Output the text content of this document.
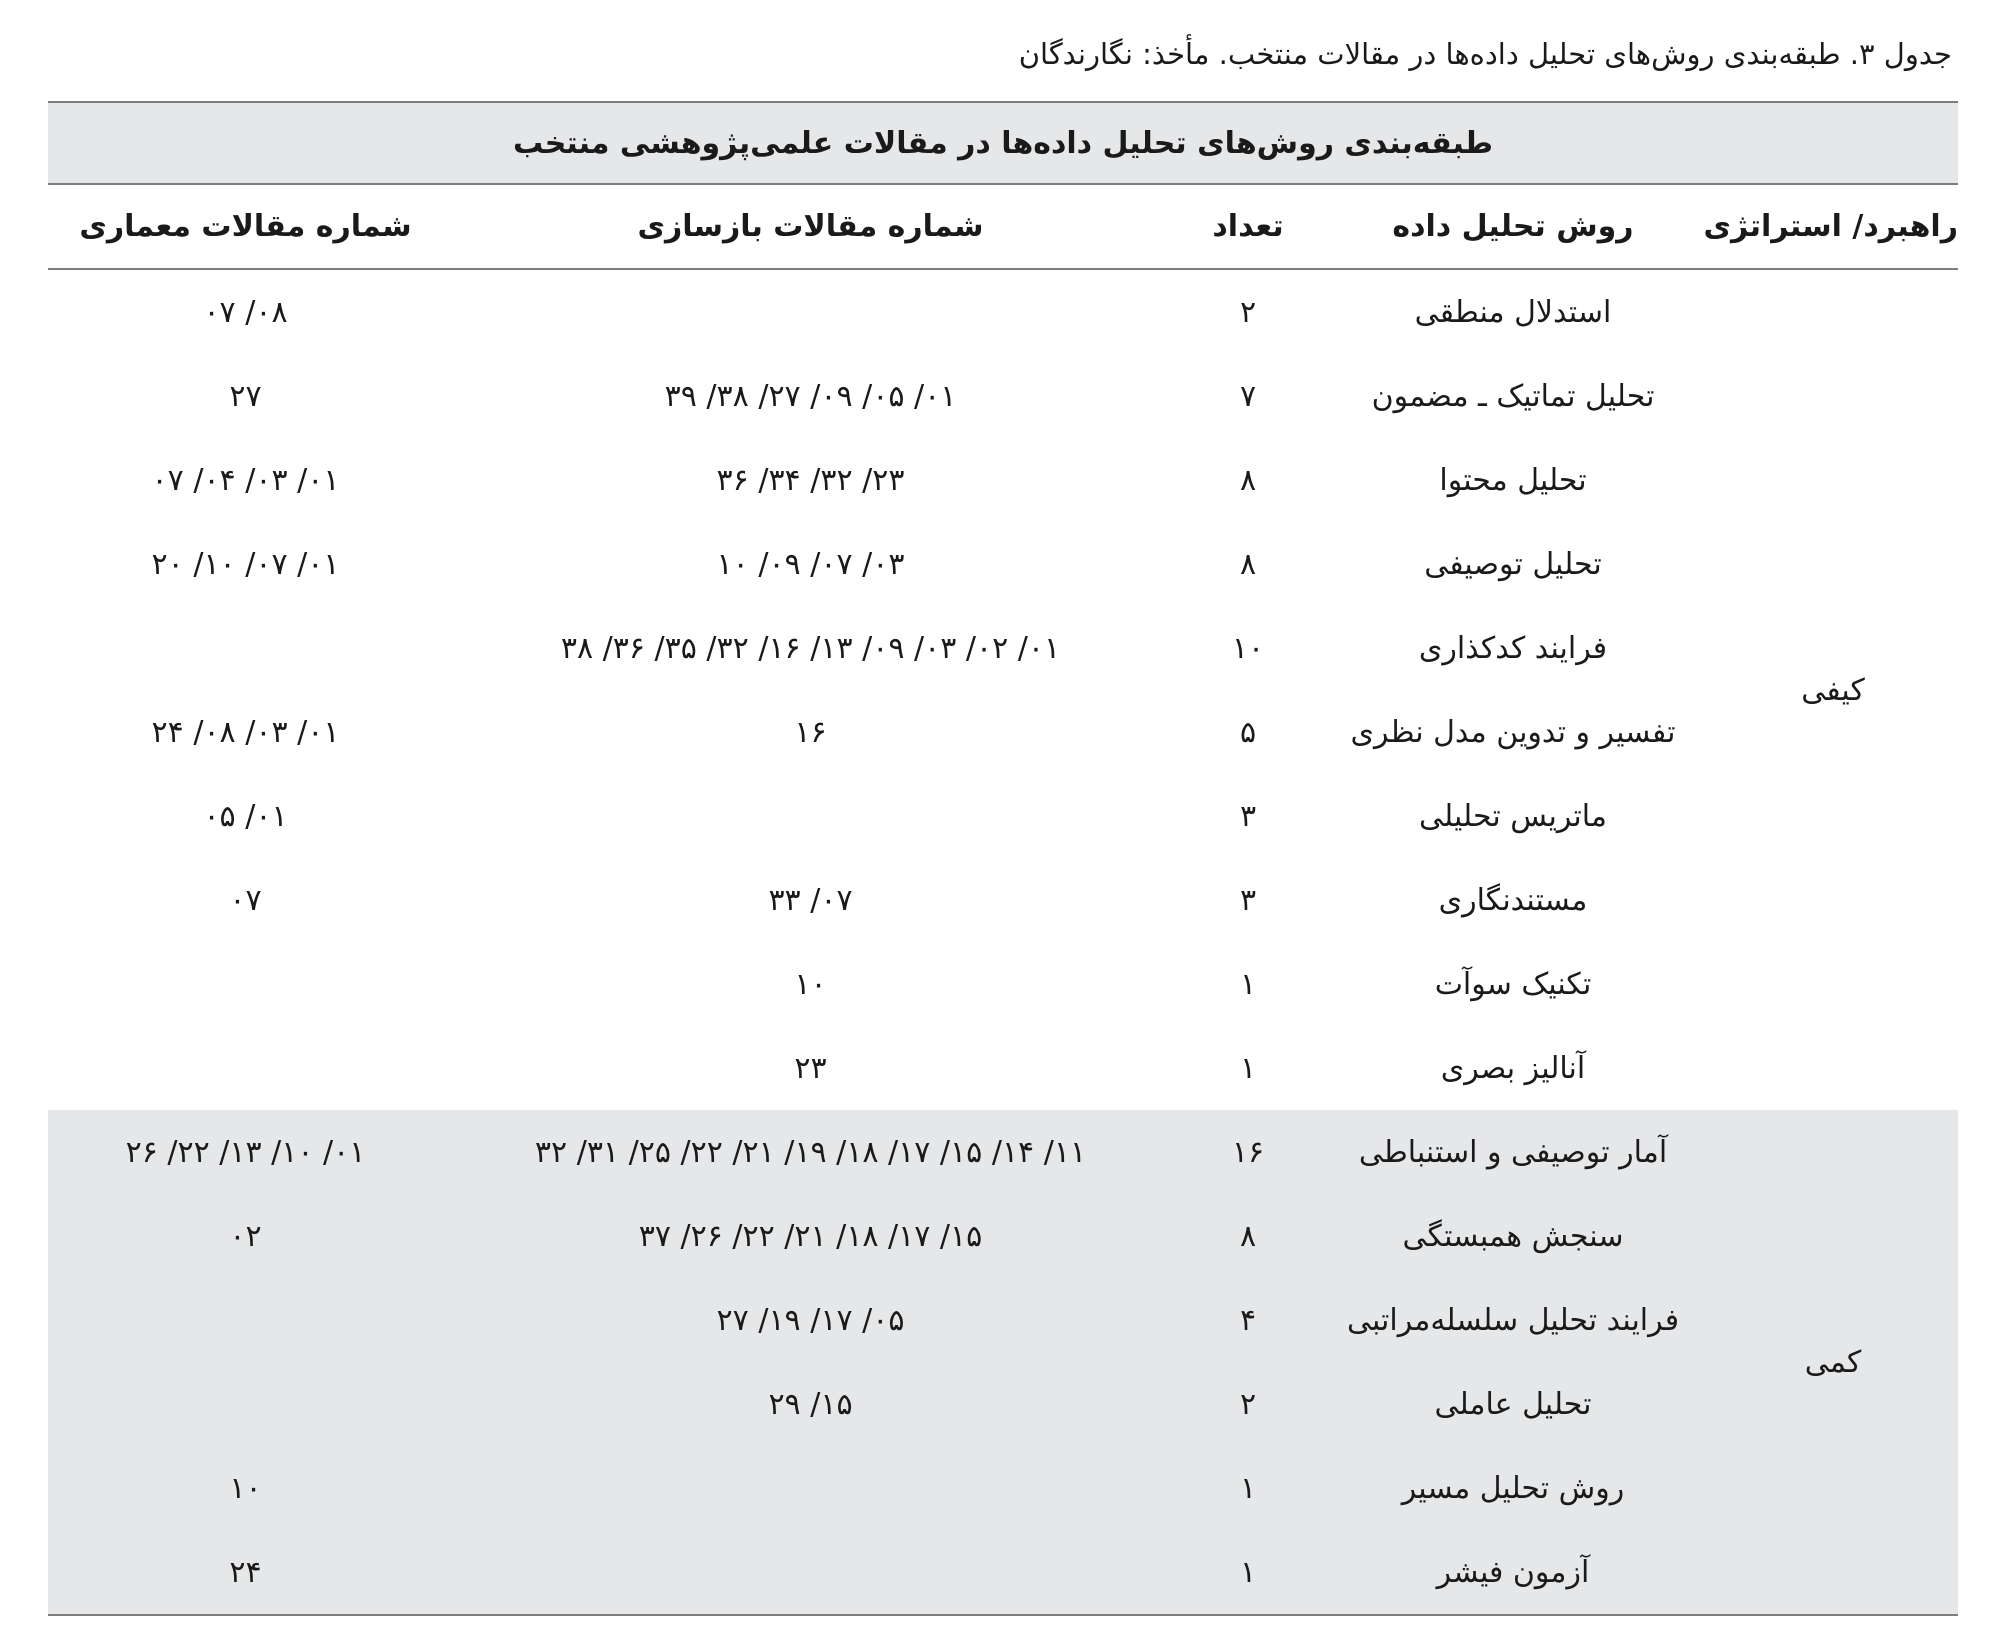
جدول ۳. طبقه‌بندی روش‌های تحلیل داده‌ها در مقالات منتخب. مأخذ: نگارندگان
طبقه‌بندی روش‌های تحلیل داده‌ها در مقالات علمی‌پژوهشی منتخب
راهبرد/ استراتژی
روش تحلیل داده
تعداد
شماره مقالات بازسازی
شماره مقالات معماری
کیفی
استدلال منطقی
۲
۰۸/ ۰۷
تحلیل تماتیک ـ مضمون
۷
۰۱/ ۰۵/ ۰۹/ ۲۷/ ۳۸/ ۳۹
۲۷
تحلیل محتوا
۸
۲۳/ ۳۲/ ۳۴/ ۳۶
۰۱/ ۰۳/ ۰۴/ ۰۷
تحلیل توصیفی
۸
۰۳/ ۰۷/ ۰۹/ ۱۰
۰۱/ ۰۷/ ۱۰/ ۲۰
فرایند کدکذاری
۱۰
۰۱/ ۰۲/ ۰۳/ ۰۹/ ۱۳/ ۱۶/ ۳۲/ ۳۵/ ۳۶/ ۳۸
تفسیر و تدوین مدل نظری
۵
۱۶
۰۱/ ۰۳/ ۰۸/ ۲۴
ماتریس تحلیلی
۳
۰۱/ ۰۵
مستندنگاری
۳
۰۷/ ۳۳
۰۷
تکنیک سوآت
۱
۱۰
آنالیز بصری
۱
۲۳
کمی
آمار توصیفی و استنباطی
۱۶
۱۱/ ۱۴/ ۱۵/ ۱۷/ ۱۸/ ۱۹/ ۲۱/ ۲۲/ ۲۵/ ۳۱/ ۳۲
۰۱/ ۱۰/ ۱۳/ ۲۲/ ۲۶
سنجش همبستگی
۸
۱۵/ ۱۷/ ۱۸/ ۲۱/ ۲۲/ ۲۶/ ۳۷
۰۲
فرایند تحلیل سلسله‌مراتبی
۴
۰۵/ ۱۷/ ۱۹/ ۲۷
تحلیل عاملی
۲
۱۵/ ۲۹
روش تحلیل مسیر
۱
۱۰
آزمون فیشر
۱
۲۴
